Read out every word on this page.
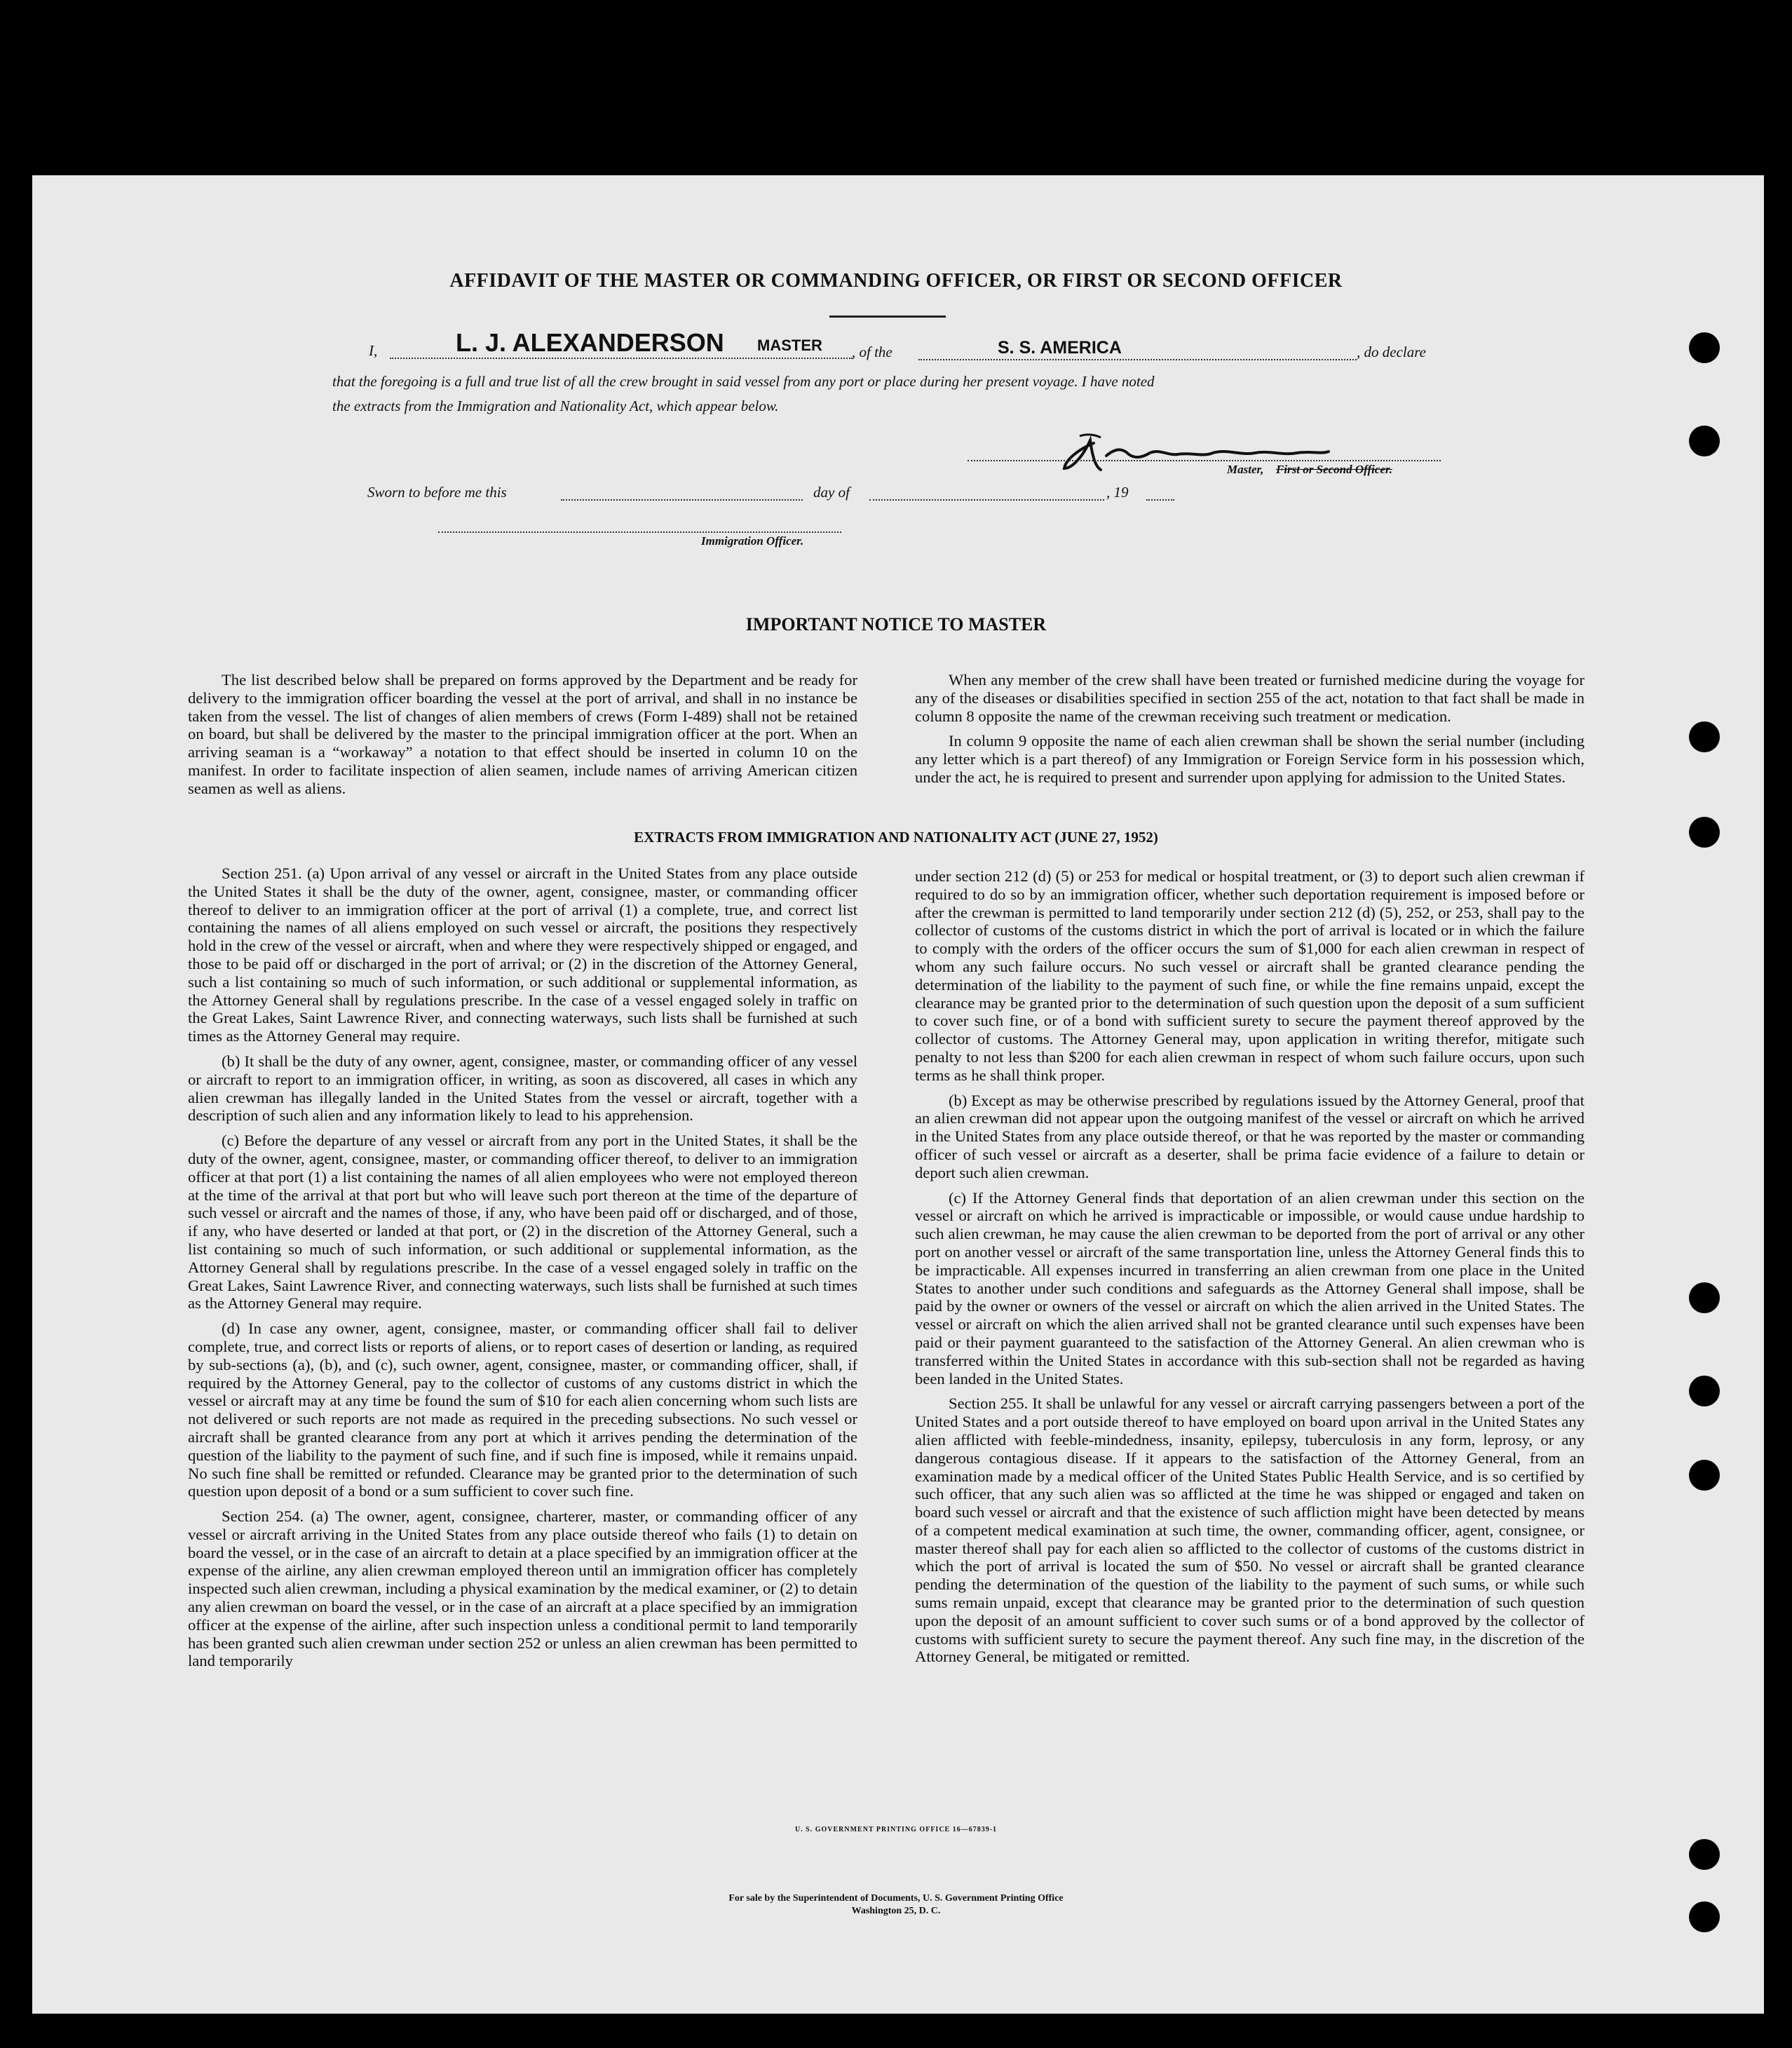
AFFIDAVIT OF THE MASTER OR COMMANDING OFFICER, OR FIRST OR SECOND OFFICER
I,	L. J. ALEXANDERSON MASTER , of the	S. S. AMERICA	, do declare
that the foregoing is a full and true list of all the crew brought in said vessel from any port or place during her present voyage. I have noted
the extracts from the Immigration and Nationality Act, which appear below.
Master, First or Second Officer.
Sworn to before me this	day of	, 19
Immigration Officer.
IMPORTANT NOTICE TO MASTER

The list described below shall be prepared on forms approved by the Department and be ready for delivery to the immigration officer boarding the vessel at the port of arrival, and shall in no instance be taken from the vessel. The list of changes of alien members of crews (Form I-489) shall not be retained on board, but shall be delivered by the master to the principal immigration officer at the port. When an arriving seaman is a “workaway” a notation to that effect should be inserted in column 10 on the manifest. In order to facilitate inspection of alien seamen, include names of arriving American citizen seamen as well as aliens.

When any member of the crew shall have been treated or furnished medicine during the voyage for any of the diseases or disabilities specified in section 255 of the act, notation to that fact shall be made in column 8 opposite the name of the crewman receiving such treatment or medication.

In column 9 opposite the name of each alien crewman shall be shown the serial number (including any letter which is a part thereof) of any Immigration or Foreign Service form in his possession which, under the act, he is required to present and surrender upon applying for admission to the United States.

EXTRACTS FROM IMMIGRATION AND NATIONALITY ACT (JUNE 27, 1952)

Section 251. (a) Upon arrival of any vessel or aircraft in the United States from any place outside the United States it shall be the duty of the owner, agent, consignee, master, or commanding officer thereof to deliver to an immigration officer at the port of arrival (1) a complete, true, and correct list containing the names of all aliens employed on such vessel or aircraft, the positions they respectively hold in the crew of the vessel or aircraft, when and where they were respectively shipped or engaged, and those to be paid off or discharged in the port of arrival; or (2) in the discretion of the Attorney General, such a list containing so much of such information, or such additional or supplemental information, as the Attorney General shall by regulations prescribe. In the case of a vessel engaged solely in traffic on the Great Lakes, Saint Lawrence River, and connecting waterways, such lists shall be furnished at such times as the Attorney General may require.

(b) It shall be the duty of any owner, agent, consignee, master, or commanding officer of any vessel or aircraft to report to an immigration officer, in writing, as soon as discovered, all cases in which any alien crewman has illegally landed in the United States from the vessel or aircraft, together with a description of such alien and any information likely to lead to his apprehension.

(c) Before the departure of any vessel or aircraft from any port in the United States, it shall be the duty of the owner, agent, consignee, master, or commanding officer thereof, to deliver to an immigration officer at that port (1) a list containing the names of all alien employees who were not employed thereon at the time of the arrival at that port but who will leave such port thereon at the time of the departure of such vessel or aircraft and the names of those, if any, who have been paid off or discharged, and of those, if any, who have deserted or landed at that port, or (2) in the discretion of the Attorney General, such a list containing so much of such information, or such additional or supplemental information, as the Attorney General shall by regulations prescribe. In the case of a vessel engaged solely in traffic on the Great Lakes, Saint Lawrence River, and connecting waterways, such lists shall be furnished at such times as the Attorney General may require.

(d) In case any owner, agent, consignee, master, or commanding officer shall fail to deliver complete, true, and correct lists or reports of aliens, or to report cases of desertion or landing, as required by sub-sections (a), (b), and (c), such owner, agent, consignee, master, or commanding officer, shall, if required by the Attorney General, pay to the collector of customs of any customs district in which the vessel or aircraft may at any time be found the sum of $10 for each alien concerning whom such lists are not delivered or such reports are not made as required in the preceding subsections. No such vessel or aircraft shall be granted clearance from any port at which it arrives pending the determination of the question of the liability to the payment of such fine, and if such fine is imposed, while it remains unpaid. No such fine shall be remitted or refunded. Clearance may be granted prior to the determination of such question upon deposit of a bond or a sum sufficient to cover such fine.

Section 254. (a) The owner, agent, consignee, charterer, master, or commanding officer of any vessel or aircraft arriving in the United States from any place outside thereof who fails (1) to detain on board the vessel, or in the case of an aircraft to detain at a place specified by an immigration officer at the expense of the airline, any alien crewman employed thereon until an immigration officer has completely inspected such alien crewman, including a physical examination by the medical examiner, or (2) to detain any alien crewman on board the vessel, or in the case of an aircraft at a place specified by an immigration officer at the expense of the airline, after such inspection unless a conditional permit to land temporarily has been granted such alien crewman under section 252 or unless an alien crewman has been permitted to land temporarily

under section 212 (d) (5) or 253 for medical or hospital treatment, or (3) to deport such alien crewman if required to do so by an immigration officer, whether such deportation requirement is imposed before or after the crewman is permitted to land temporarily under section 212 (d) (5), 252, or 253, shall pay to the collector of customs of the customs district in which the port of arrival is located or in which the failure to comply with the orders of the officer occurs the sum of $1,000 for each alien crewman in respect of whom any such failure occurs. No such vessel or aircraft shall be granted clearance pending the determination of the liability to the payment of such fine, or while the fine remains unpaid, except the clearance may be granted prior to the determination of such question upon the deposit of a sum sufficient to cover such fine, or of a bond with sufficient surety to secure the payment thereof approved by the collector of customs. The Attorney General may, upon application in writing therefor, mitigate such penalty to not less than $200 for each alien crewman in respect of whom such failure occurs, upon such terms as he shall think proper.

(b) Except as may be otherwise prescribed by regulations issued by the Attorney General, proof that an alien crewman did not appear upon the outgoing manifest of the vessel or aircraft on which he arrived in the United States from any place outside thereof, or that he was reported by the master or commanding officer of such vessel or aircraft as a deserter, shall be prima facie evidence of a failure to detain or deport such alien crewman.

(c) If the Attorney General finds that deportation of an alien crewman under this section on the vessel or aircraft on which he arrived is impracticable or impossible, or would cause undue hardship to such alien crewman, he may cause the alien crewman to be deported from the port of arrival or any other port on another vessel or aircraft of the same transportation line, unless the Attorney General finds this to be impracticable. All expenses incurred in transferring an alien crewman from one place in the United States to another under such conditions and safeguards as the Attorney General shall impose, shall be paid by the owner or owners of the vessel or aircraft on which the alien arrived in the United States. The vessel or aircraft on which the alien arrived shall not be granted clearance until such expenses have been paid or their payment guaranteed to the satisfaction of the Attorney General. An alien crewman who is transferred within the United States in accordance with this sub-section shall not be regarded as having been landed in the United States.

Section 255. It shall be unlawful for any vessel or aircraft carrying passengers between a port of the United States and a port outside thereof to have employed on board upon arrival in the United States any alien afflicted with feeble-mindedness, insanity, epilepsy, tuberculosis in any form, leprosy, or any dangerous contagious disease. If it appears to the satisfaction of the Attorney General, from an examination made by a medical officer of the United States Public Health Service, and is so certified by such officer, that any such alien was so afflicted at the time he was shipped or engaged and taken on board such vessel or aircraft and that the existence of such affliction might have been detected by means of a competent medical examination at such time, the owner, commanding officer, agent, consignee, or master thereof shall pay for each alien so afflicted to the collector of customs of the customs district in which the port of arrival is located the sum of $50. No vessel or aircraft shall be granted clearance pending the determination of the question of the liability to the payment of such sums, or while such sums remain unpaid, except that clearance may be granted prior to the determination of such question upon the deposit of an amount sufficient to cover such sums or of a bond approved by the collector of customs with sufficient surety to secure the payment thereof. Any such fine may, in the discretion of the Attorney General, be mitigated or remitted.

U. S. GOVERNMENT PRINTING OFFICE 16—67839-1
For sale by the Superintendent of Documents, U. S. Government Printing Office
Washington 25, D. C.
